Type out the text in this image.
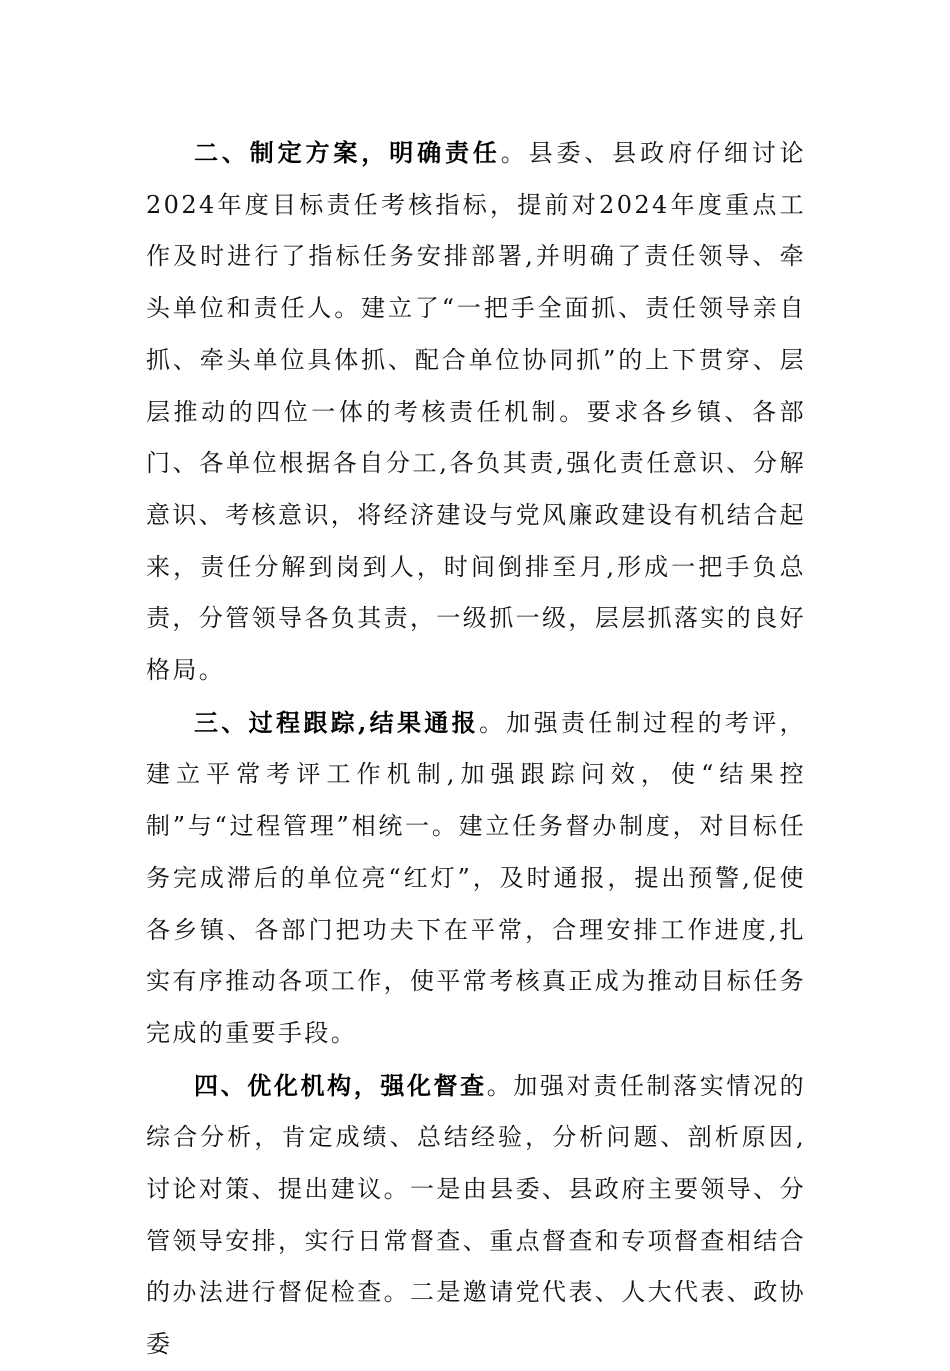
二、制定方案，明确责任。县委、县政府仔细讨论2024年度目标责任考核指标，提前对2024年度重点工作及时进行了指标任务安排部署,并明确了责任领导、牵头单位和责任人。建立了“一把手全面抓、责任领导亲自抓、牵头单位具体抓、配合单位协同抓”的上下贯穿、层层推动的四位一体的考核责任机制。要求各乡镇、各部门、各单位根据各自分工,各负其责,强化责任意识、分解意识、考核意识，将经济建设与党风廉政建设有机结合起来，责任分解到岗到人，时间倒排至月,形成一把手负总责，分管领导各负其责，一级抓一级，层层抓落实的良好格局。

三、过程跟踪,结果通报。加强责任制过程的考评，建立平常考评工作机制,加强跟踪问效，使“结果控制”与“过程管理”相统一。建立任务督办制度，对目标任务完成滞后的单位亮“红灯”，及时通报，提出预警,促使各乡镇、各部门把功夫下在平常，合理安排工作进度,扎实有序推动各项工作，使平常考核真正成为推动目标任务完成的重要手段。

四、优化机构，强化督查。加强对责任制落实情况的综合分析，肯定成绩、总结经验，分析问题、剖析原因,讨论对策、提出建议。一是由县委、县政府主要领导、分管领导安排，实行日常督查、重点督查和专项督查相结合的办法进行督促检查。二是邀请党代表、人大代表、政协委
